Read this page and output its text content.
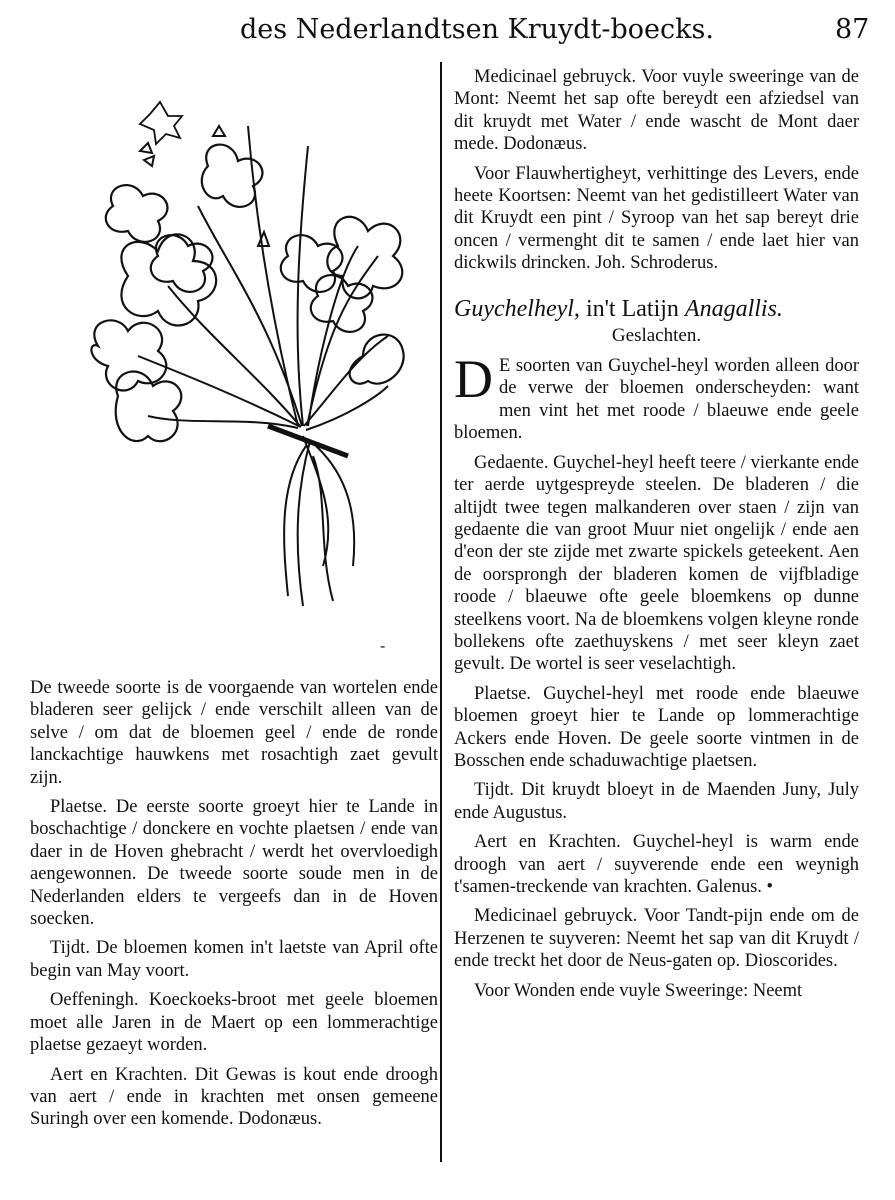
des Nederlandtsen Kruydt-boecks.	87
-

De tweede soorte is de voorgaende van wortelen ende bladeren seer gelijck / ende verschilt alleen van de selve / om dat de bloemen geel / ende de ronde lanckachtige hauwkens met rosachtigh zaet gevult zijn.

Plaetse. De eerste soorte groeyt hier te Lande in boschachtige / donckere en vochte plaetsen / ende van daer in de Hoven ghebracht / werdt het overvloedigh aengewonnen. De tweede soorte soude men in de Nederlanden elders te vergeefs dan in de Hoven soecken.

Tijdt. De bloemen komen in't laetste van April ofte begin van May voort.

Oeffeningh. Koeckoeks-broot met geele bloemen moet alle Jaren in de Maert op een lommerachtige plaetse gezaeyt worden.

Aert en Krachten. Dit Gewas is kout ende droogh van aert / ende in krachten met onsen gemeene Suringh over een komende. Dodonæus.

Medicinael gebruyck. Voor vuyle sweeringe van de Mont: Neemt het sap ofte bereydt een afziedsel van dit kruydt met Water / ende wascht de Mont daer mede. Dodonæus.

Voor Flauwhertigheyt, verhittinge des Levers, ende heete Koortsen: Neemt van het gedistilleert Water van dit Kruydt een pint / Syroop van het sap bereyt drie oncen / vermenght dit te samen / ende laet hier van dickwils drincken. Joh. Schroderus.

Guychelheyl, in't Latijn Anagallis.
Geslachten.

D E soorten van Guychel-heyl worden alleen door de verwe der bloemen onderscheyden: want men vint het met roode / blaeuwe ende geele bloemen.

Gedaente. Guychel-heyl heeft teere / vierkante ende ter aerde uytgespreyde steelen. De bladeren / die altijdt twee tegen malkanderen over staen / zijn van gedaente die van groot Muur niet ongelijk / ende aen d'eon der ste zijde met zwarte spickels geteekent. Aen de oorsprongh der bladeren komen de vijfbladige roode / blaeuwe ofte geele bloemkens op dunne steelkens voort. Na de bloemkens volgen kleyne ronde bollekens ofte zaethuyskens / met seer kleyn zaet gevult. De wortel is seer veselachtigh.

Plaetse. Guychel-heyl met roode ende blaeuwe bloemen groeyt hier te Lande op lommerachtige Ackers ende Hoven. De geele soorte vintmen in de Bosschen ende schaduwachtige plaetsen.

Tijdt. Dit kruydt bloeyt in de Maenden Juny, July ende Augustus.

Aert en Krachten. Guychel-heyl is warm ende droogh van aert / suyverende ende een weynigh t'samen-treckende van krachten. Galenus. •

Medicinael gebruyck. Voor Tandt-pijn ende om de Herzenen te suyveren: Neemt het sap van dit Kruydt / ende treckt het door de Neus-gaten op. Dioscorides.

Voor Wonden ende vuyle Sweeringe: Neemt
